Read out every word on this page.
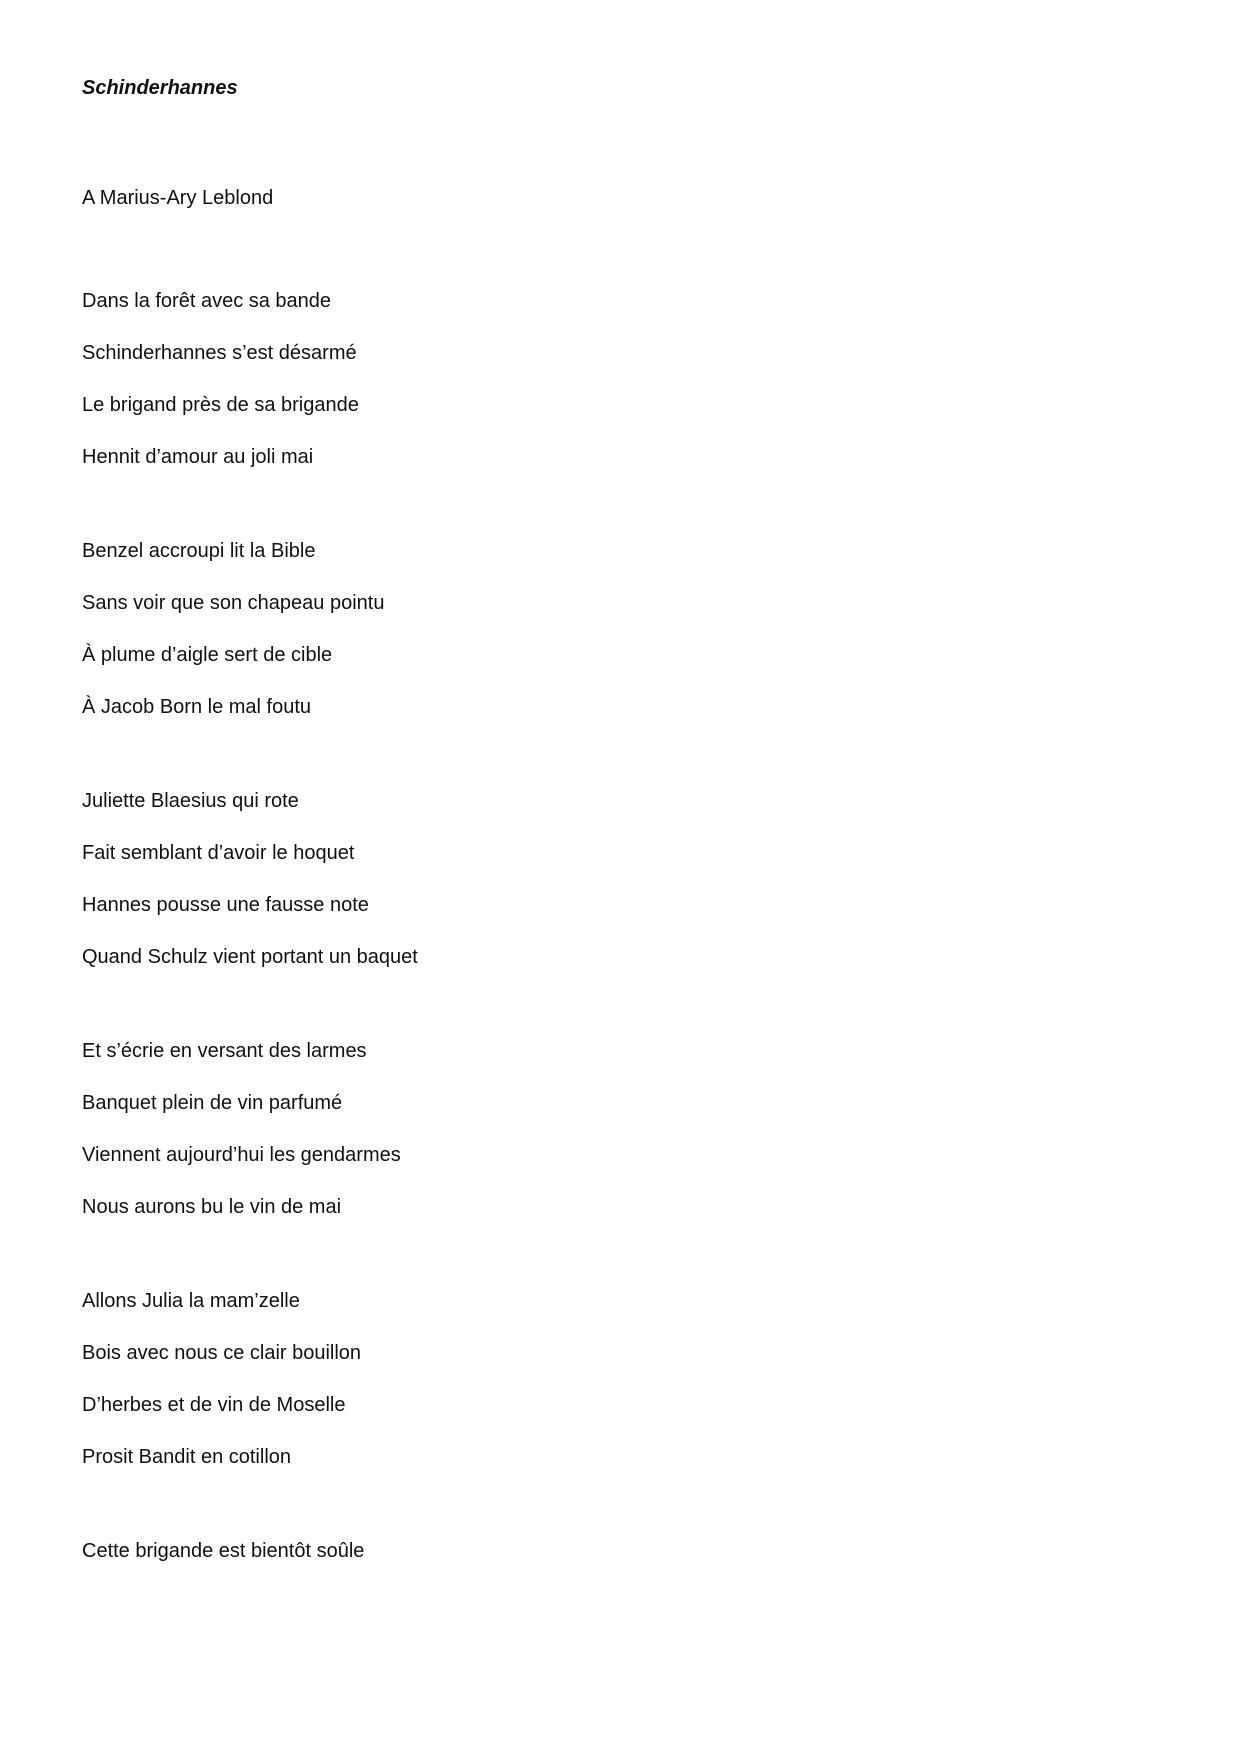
Schinderhannes

A Marius-Ary Leblond

Dans la forêt avec sa bande
Schinderhannes s’est désarmé
Le brigand près de sa brigande
Hennit d’amour au joli mai
Benzel accroupi lit la Bible
Sans voir que son chapeau pointu
À plume d’aigle sert de cible
À Jacob Born le mal foutu
Juliette Blaesius qui rote
Fait semblant d’avoir le hoquet
Hannes pousse une fausse note
Quand Schulz vient portant un baquet
Et s’écrie en versant des larmes
Banquet plein de vin parfumé
Viennent aujourd’hui les gendarmes
Nous aurons bu le vin de mai
Allons Julia la mam’zelle
Bois avec nous ce clair bouillon
D’herbes et de vin de Moselle
Prosit Bandit en cotillon
Cette brigande est bientôt soûle
